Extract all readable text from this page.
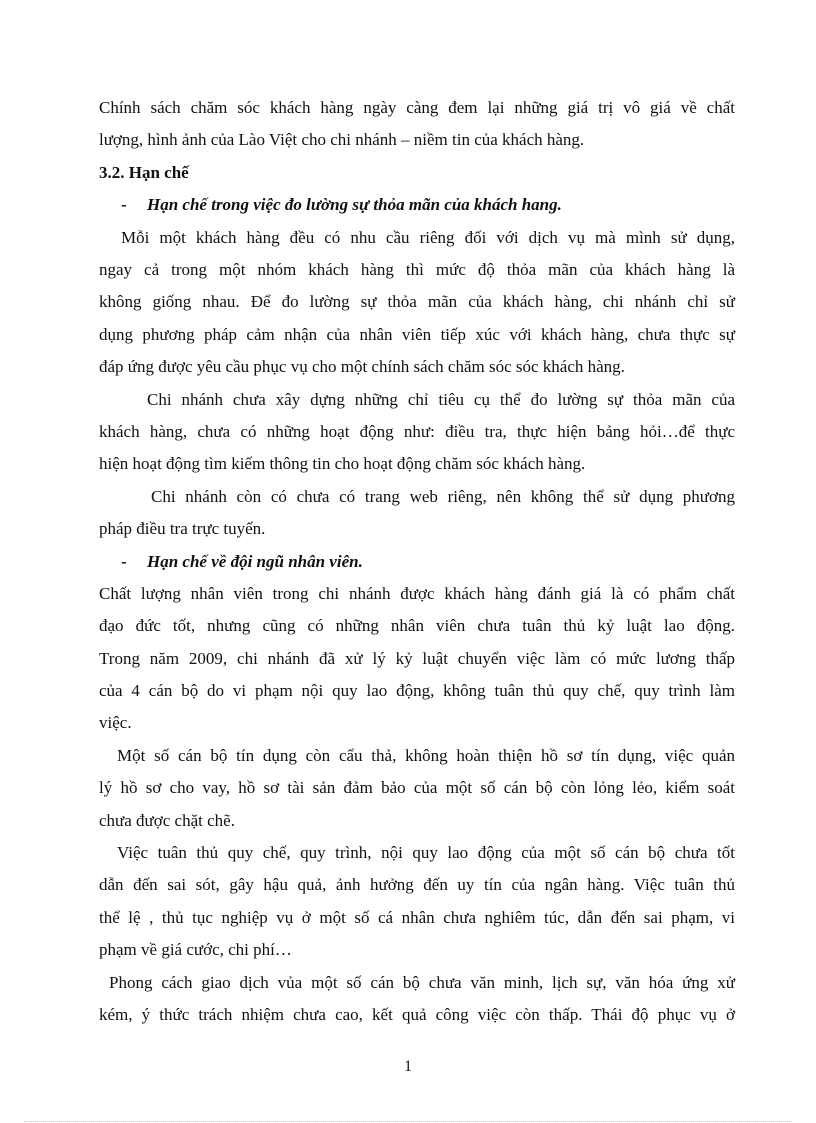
Chính sách chăm sóc khách hàng ngày càng đem lại những giá trị vô giá về chất
lượng, hình ảnh của Lào Việt cho chi nhánh – niềm tin của khách hàng.
3.2. Hạn chế
- Hạn chế trong việc đo lường sự thỏa mãn của khách hang.
Mỗi một khách hàng đều có nhu cầu riêng đối với dịch vụ mà mình sử dụng,
ngay cả trong một nhóm khách hàng thì mức độ thỏa mãn của khách hàng là
không giống nhau. Để đo lường sự thỏa mãn của khách hàng, chi nhánh chỉ sử
dụng phương pháp cảm nhận của nhân viên tiếp xúc với khách hàng, chưa thực sự
đáp ứng được yêu cầu phục vụ cho một chính sách chăm sóc sóc khách hàng.
Chi nhánh chưa xây dựng những chỉ tiêu cụ thể đo lường sự thỏa mãn của
khách hàng, chưa có những hoạt động như: điều tra, thực hiện bảng hỏi…để thực
hiện hoạt động tìm kiếm thông tin cho hoạt động chăm sóc khách hàng.
Chi nhánh còn có chưa có trang web riêng, nên không thể sử dụng phương
pháp điều tra trực tuyến.
- Hạn chế về đội ngũ nhân viên.
Chất lượng nhân viên trong chi nhánh được khách hàng đánh giá là có phẩm chất
đạo đức tốt, nhưng cũng có những nhân viên chưa tuân thủ kỷ luật lao động.
Trong năm 2009, chi nhánh đã xử lý kỷ luật chuyển việc làm có mức lương thấp
của 4 cán bộ do vi phạm nội quy lao động, không tuân thủ quy chế, quy trình làm
việc.
Một số cán bộ tín dụng còn cẩu thả, không hoàn thiện hồ sơ tín dụng, việc quản
lý hồ sơ cho vay, hồ sơ tài sản đảm bảo của một số cán bộ còn lỏng lẻo, kiểm soát
chưa được chặt chẽ.
Việc tuân thủ quy chế, quy trình, nội quy lao động của một số cán bộ chưa tốt
dẫn đến sai sót, gây hậu quả, ảnh hưởng đến uy tín của ngân hàng. Việc tuân thủ
thể lệ , thủ tục nghiệp vụ ở một số cá nhân chưa nghiêm túc, dẫn đến sai phạm, vi
phạm về giá cước, chi phí…
Phong cách giao dịch vủa một số cán bộ chưa văn minh, lịch sự, văn hóa ứng xử
kém, ý thức trách nhiệm chưa cao, kết quả công việc còn thấp. Thái độ phục vụ ở
1
